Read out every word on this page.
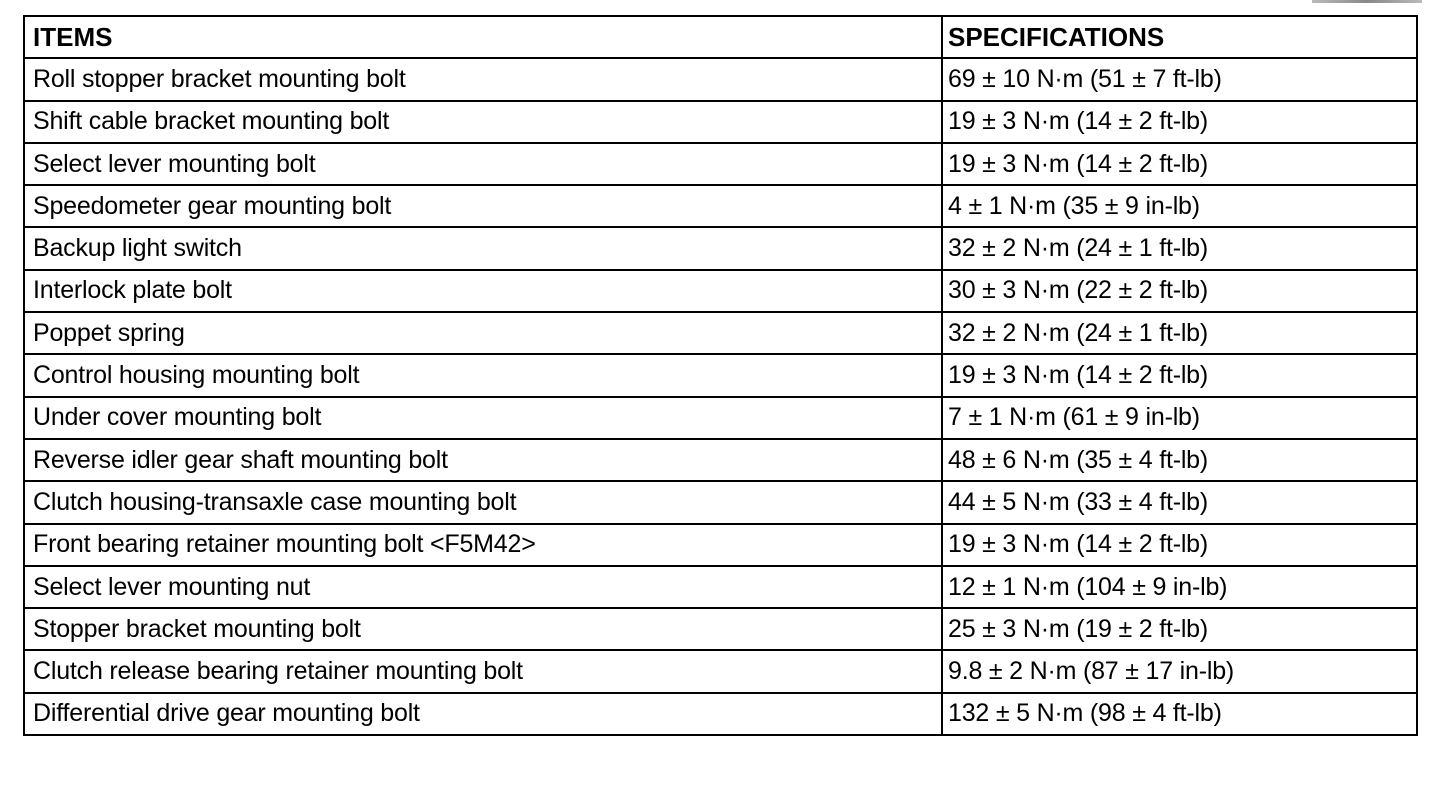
ITEMS	SPECIFICATIONS
Roll stopper bracket mounting bolt	69 ± 10 N·m (51 ± 7 ft-lb)
Shift cable bracket mounting bolt	19 ± 3 N·m (14 ± 2 ft-lb)
Select lever mounting bolt	19 ± 3 N·m (14 ± 2 ft-lb)
Speedometer gear mounting bolt	4 ± 1 N·m (35 ± 9 in-lb)
Backup light switch	32 ± 2 N·m (24 ± 1 ft-lb)
Interlock plate bolt	30 ± 3 N·m (22 ± 2 ft-lb)
Poppet spring	32 ± 2 N·m (24 ± 1 ft-lb)
Control housing mounting bolt	19 ± 3 N·m (14 ± 2 ft-lb)
Under cover mounting bolt	7 ± 1 N·m (61 ± 9 in-lb)
Reverse idler gear shaft mounting bolt	48 ± 6 N·m (35 ± 4 ft-lb)
Clutch housing-transaxle case mounting bolt	44 ± 5 N·m (33 ± 4 ft-lb)
Front bearing retainer mounting bolt <F5M42>	19 ± 3 N·m (14 ± 2 ft-lb)
Select lever mounting nut	12 ± 1 N·m (104 ± 9 in-lb)
Stopper bracket mounting bolt	25 ± 3 N·m (19 ± 2 ft-lb)
Clutch release bearing retainer mounting bolt	9.8 ± 2 N·m (87 ± 17 in-lb)
Differential drive gear mounting bolt	132 ± 5 N·m (98 ± 4 ft-lb)
